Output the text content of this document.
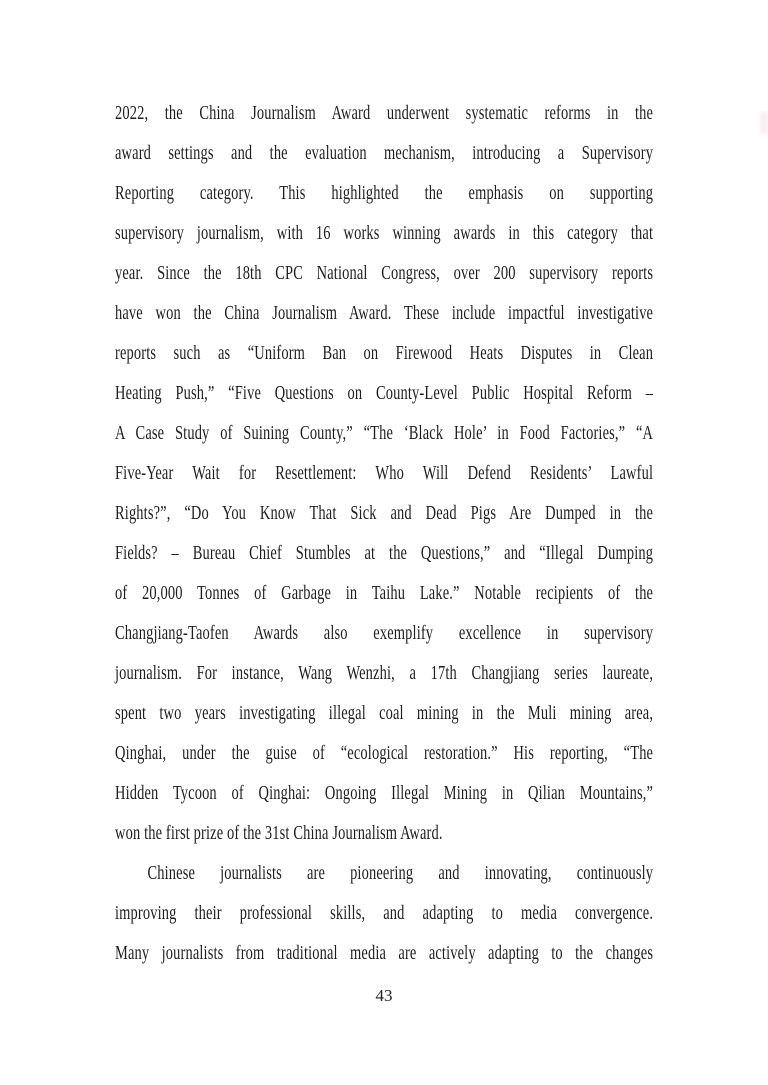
2022, the China Journalism Award underwent systematic reforms in the
award settings and the evaluation mechanism, introducing a Supervisory
Reporting category. This highlighted the emphasis on supporting
supervisory journalism, with 16 works winning awards in this category that
year. Since the 18th CPC National Congress, over 200 supervisory reports
have won the China Journalism Award. These include impactful investigative
reports such as “Uniform Ban on Firewood Heats Disputes in Clean
Heating Push,” “Five Questions on County-Level Public Hospital Reform –
A Case Study of Suining County,” “The ‘Black Hole’ in Food Factories,” “A
Five-Year Wait for Resettlement: Who Will Defend Residents’ Lawful
Rights?”, “Do You Know That Sick and Dead Pigs Are Dumped in the
Fields? – Bureau Chief Stumbles at the Questions,” and “Illegal Dumping
of 20,000 Tonnes of Garbage in Taihu Lake.” Notable recipients of the
Changjiang-Taofen Awards also exemplify excellence in supervisory
journalism. For instance, Wang Wenzhi, a 17th Changjiang series laureate,
spent two years investigating illegal coal mining in the Muli mining area,
Qinghai, under the guise of “ecological restoration.” His reporting, “The
Hidden Tycoon of Qinghai: Ongoing Illegal Mining in Qilian Mountains,”
won the first prize of the 31st China Journalism Award.
Chinese journalists are pioneering and innovating, continuously
improving their professional skills, and adapting to media convergence.
Many journalists from traditional media are actively adapting to the changes
43
